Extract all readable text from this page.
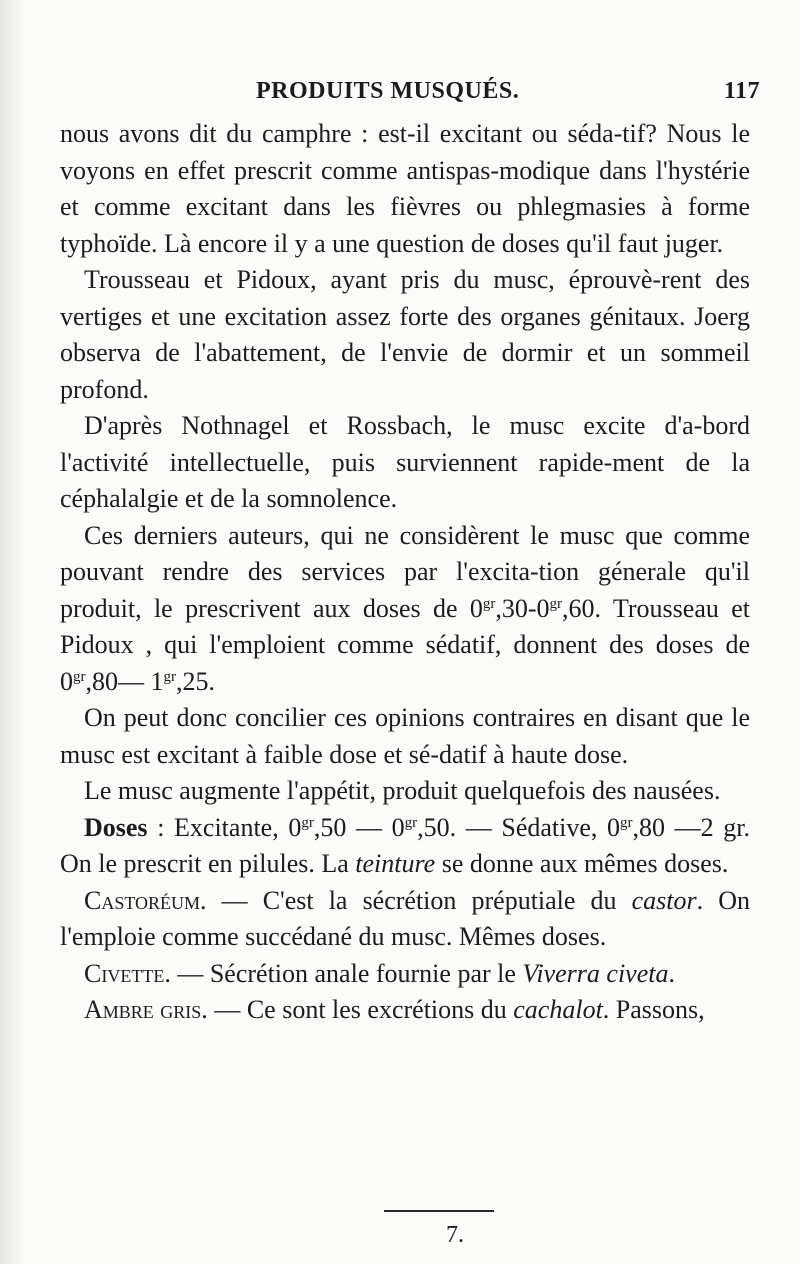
PRODUITS MUSQUÉS.	117

nous avons dit du camphre : est-il excitant ou séda-tif? Nous le voyons en effet prescrit comme antispas-modique dans l'hystérie et comme excitant dans les fièvres ou phlegmasies à forme typhoïde. Là encore il y a une question de doses qu'il faut juger.

Trousseau et Pidoux, ayant pris du musc, éprouvè-rent des vertiges et une excitation assez forte des organes génitaux. Joerg observa de l'abattement, de l'envie de dormir et un sommeil profond.

D'après Nothnagel et Rossbach, le musc excite d'a-bord l'activité intellectuelle, puis surviennent rapide-ment de la céphalalgie et de la somnolence.

Ces derniers auteurs, qui ne considèrent le musc que comme pouvant rendre des services par l'excita-tion génerale qu'il produit, le prescrivent aux doses de $0^{gr},30-0^{gr},60$. Trousseau et Pidoux , qui l'emploient comme sédatif, donnent des doses de $0^{gr},80—$ $1^{gr},25$.

On peut donc concilier ces opinions contraires en disant que le musc est excitant à faible dose et sé-datif à haute dose.

Le musc augmente l'appétit, produit quelquefois des nausées.

Doses : Excitante, $0^{gr},50$ — $0^{gr},50$. — Sédative, $0^{gr},80$ —2 gr. On le prescrit en pilules. La teinture se donne aux mêmes doses.

Castoréum. — C'est la sécrétion préputiale du castor. On l'emploie comme succédané du musc. Mêmes doses.

Civette. — Sécrétion anale fournie par le Viverra civeta.

Ambre gris. — Ce sont les excrétions du cachalot. Passons,

7.
